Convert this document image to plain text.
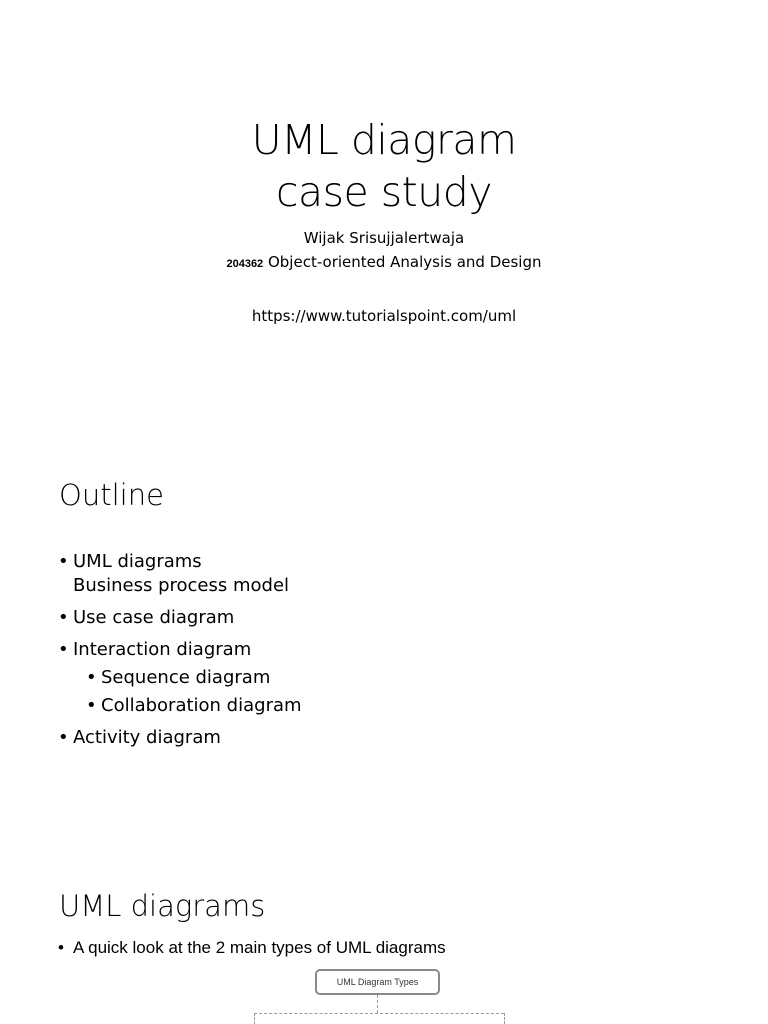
UML diagram
case study
Wijak Srisujjalertwaja
204362 Object-oriented Analysis and Design
https://www.tutorialspoint.com/uml
Outline
• UML diagrams
Business process model
• Use case diagram
• Interaction diagram
• Sequence diagram
• Collaboration diagram
• Activity diagram
UML diagrams
• A quick look at the 2 main types of UML diagrams
UML Diagram Types
